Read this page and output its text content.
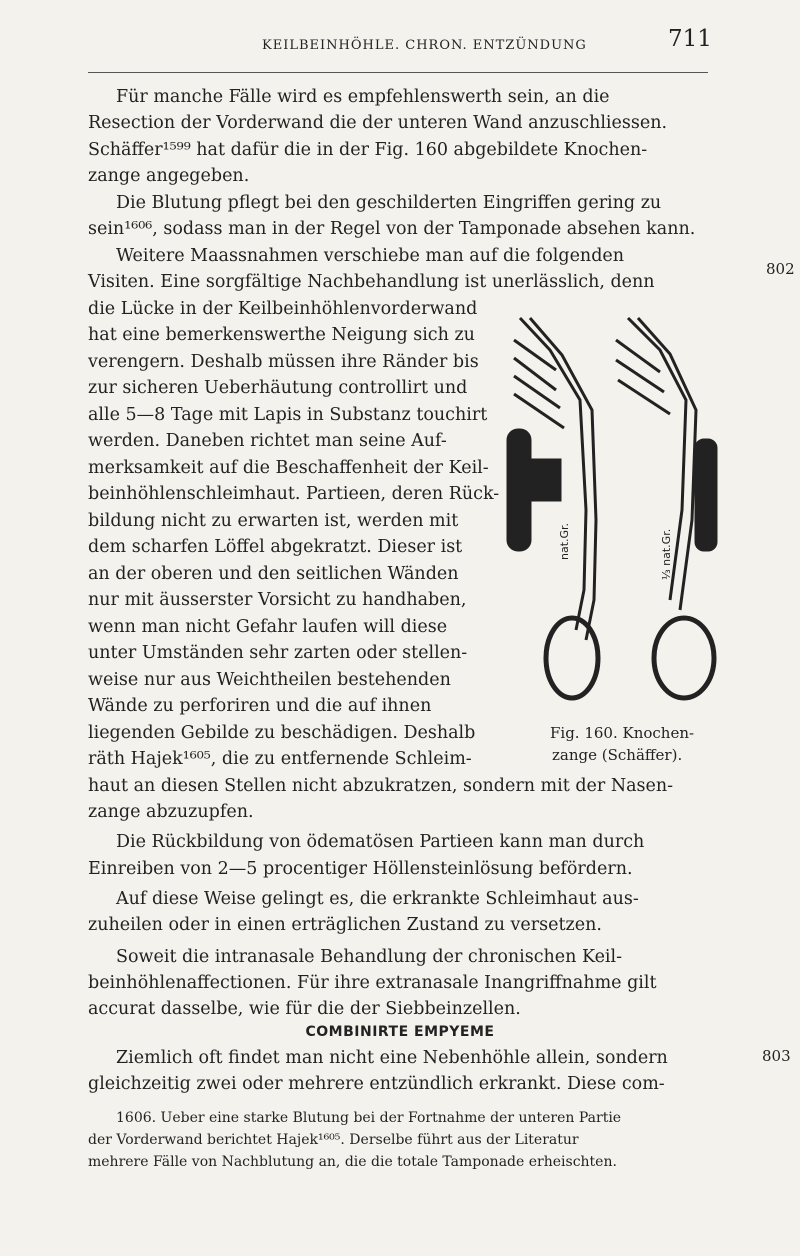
KEILBEINHÖHLE. CHRON. ENTZÜNDUNG	711
802
803
Für manche Fälle wird es empfehlenswerth sein, an die
Resection der Vorderwand die der unteren Wand anzuschliessen.
Schäffer¹⁵⁹⁹ hat dafür die in der Fig. 160 abgebildete Knochen-
zange angegeben.
Die Blutung pflegt bei den geschilderten Eingriffen gering zu
sein¹⁶⁰⁶, sodass man in der Regel von der Tamponade absehen kann.
Weitere Maassnahmen verschiebe man auf die folgenden
Visiten. Eine sorgfältige Nachbehandlung ist unerlässlich, denn
die Lücke in der Keilbeinhöhlenvorderwand
hat eine bemerkenswerthe Neigung sich zu
verengern. Deshalb müssen ihre Ränder bis
zur sicheren Ueberhäutung controllirt und
alle 5—8 Tage mit Lapis in Substanz touchirt
werden. Daneben richtet man seine Auf-
merksamkeit auf die Beschaffenheit der Keil-
beinhöhlenschleimhaut. Partieen, deren Rück-
bildung nicht zu erwarten ist, werden mit
dem scharfen Löffel abgekratzt. Dieser ist
an der oberen und den seitlichen Wänden
nur mit äusserster Vorsicht zu handhaben,
wenn man nicht Gefahr laufen will diese
unter Umständen sehr zarten oder stellen-
weise nur aus Weichtheilen bestehenden
Wände zu perforiren und die auf ihnen
liegenden Gebilde zu beschädigen. Deshalb
räth Hajek¹⁶⁰⁵, die zu entfernende Schleim-
haut an diesen Stellen nicht abzukratzen, sondern mit der Nasen-
zange abzuzupfen.
Die Rückbildung von ödematösen Partieen kann man durch
Einreiben von 2—5 procentiger Höllensteinlösung befördern.
Auf diese Weise gelingt es, die erkrankte Schleimhaut aus-
zuheilen oder in einen erträglichen Zustand zu versetzen.
Soweit die intranasale Behandlung der chronischen Keil-
beinhöhlenaffectionen. Für ihre extranasale Inangriffnahme gilt
accurat dasselbe, wie für die der Siebbeinzellen.
COMBINIRTE EMPYEME
Ziemlich oft findet man nicht eine Nebenhöhle allein, sondern
gleichzeitig zwei oder mehrere entzündlich erkrankt. Diese com-
1606. Ueber eine starke Blutung bei der Fortnahme der unteren Partie
der Vorderwand berichtet Hajek¹⁶⁰⁵. Derselbe führt aus der Literatur
mehrere Fälle von Nachblutung an, die die totale Tamponade erheischten.
nat.Gr.	⅓ nat.Gr.
Fig. 160. Knochen-
zange (Schäffer).
